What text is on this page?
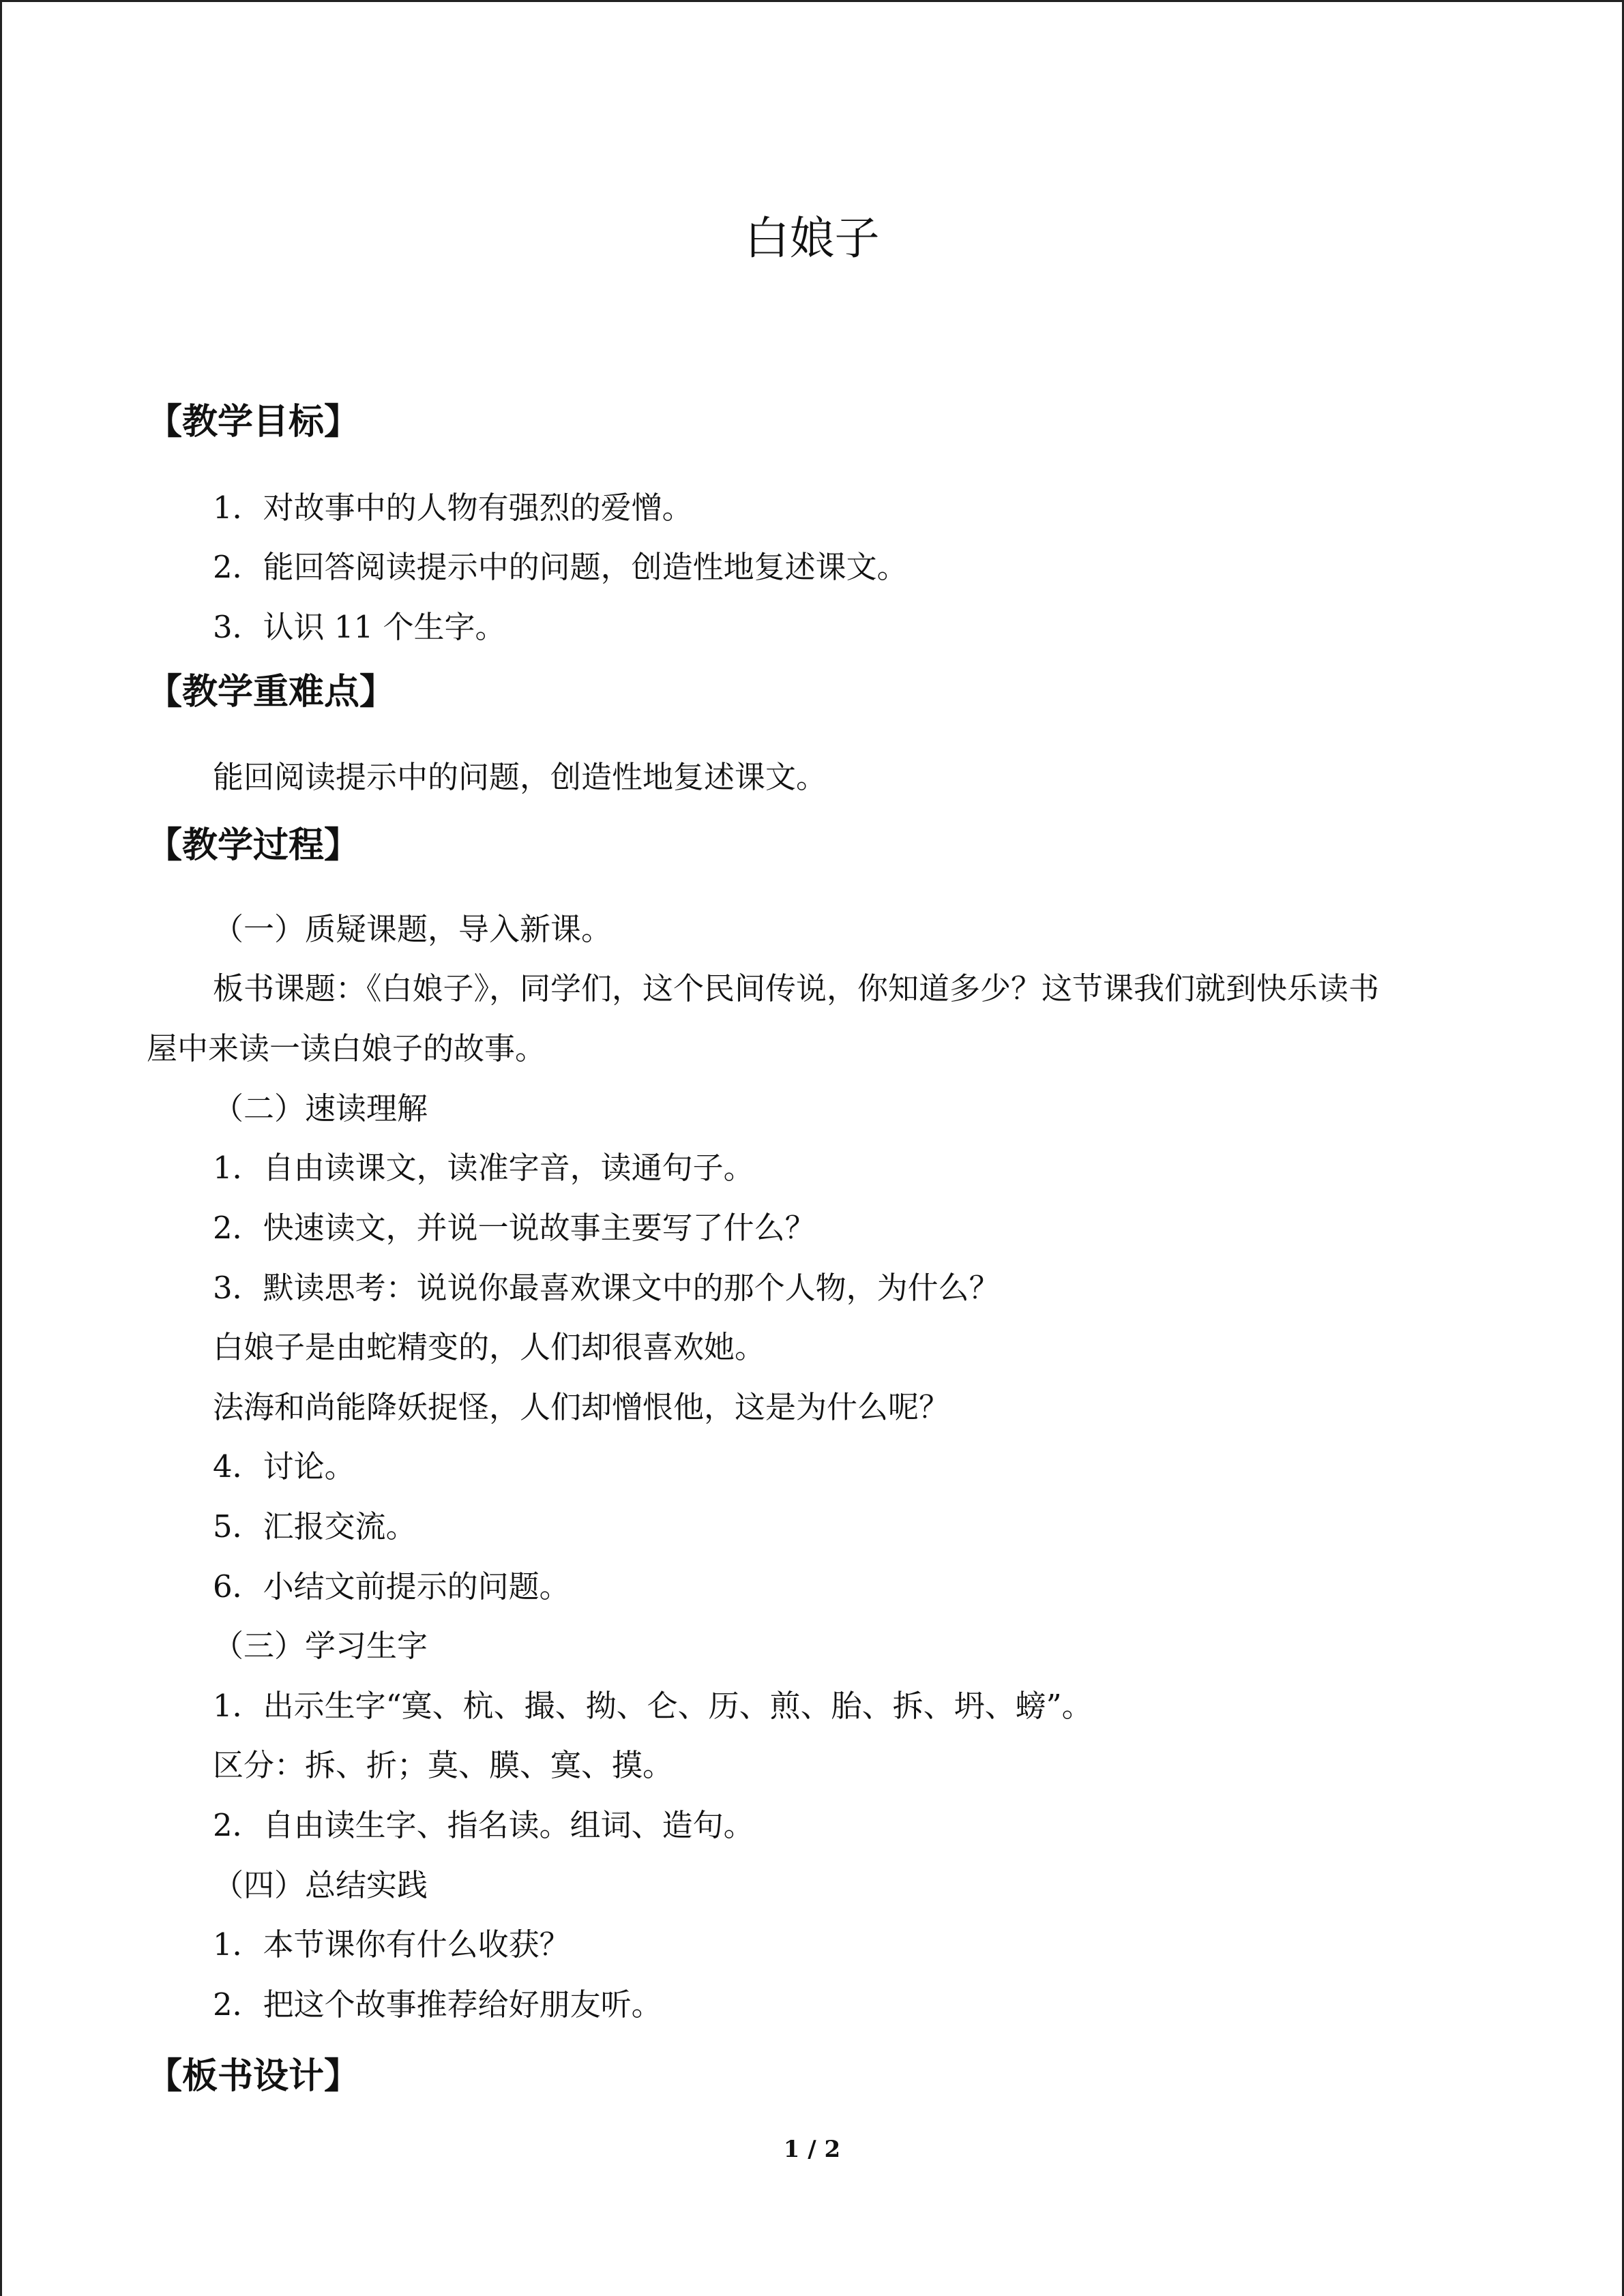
白娘子
【教学目标】
1．对故事中的人物有强烈的爱憎。
2．能回答阅读提示中的问题，创造性地复述课文。
3．认识 11 个生字。
【教学重难点】
能回阅读提示中的问题，创造性地复述课文。
【教学过程】
（一）质疑课题，导入新课。
板书课题：《白娘子》，同学们，这个民间传说，你知道多少？这节课我们就到快乐读书
屋中来读一读白娘子的故事。
（二）速读理解
1．自由读课文，读准字音，读通句子。
2．快速读文，并说一说故事主要写了什么？
3．默读思考：说说你最喜欢课文中的那个人物，为什么？
白娘子是由蛇精变的，人们却很喜欢她。
法海和尚能降妖捉怪，人们却憎恨他，这是为什么呢？
4．讨论。
5．汇报交流。
6．小结文前提示的问题。
（三）学习生字
1．出示生字“寞、杭、撮、拗、仑、历、煎、胎、拆、坍、螃”。
区分：拆、折；莫、膜、寞、摸。
2．自由读生字、指名读。组词、造句。
（四）总结实践
1．本节课你有什么收获？
2．把这个故事推荐给好朋友听。
【板书设计】
1 / 2
